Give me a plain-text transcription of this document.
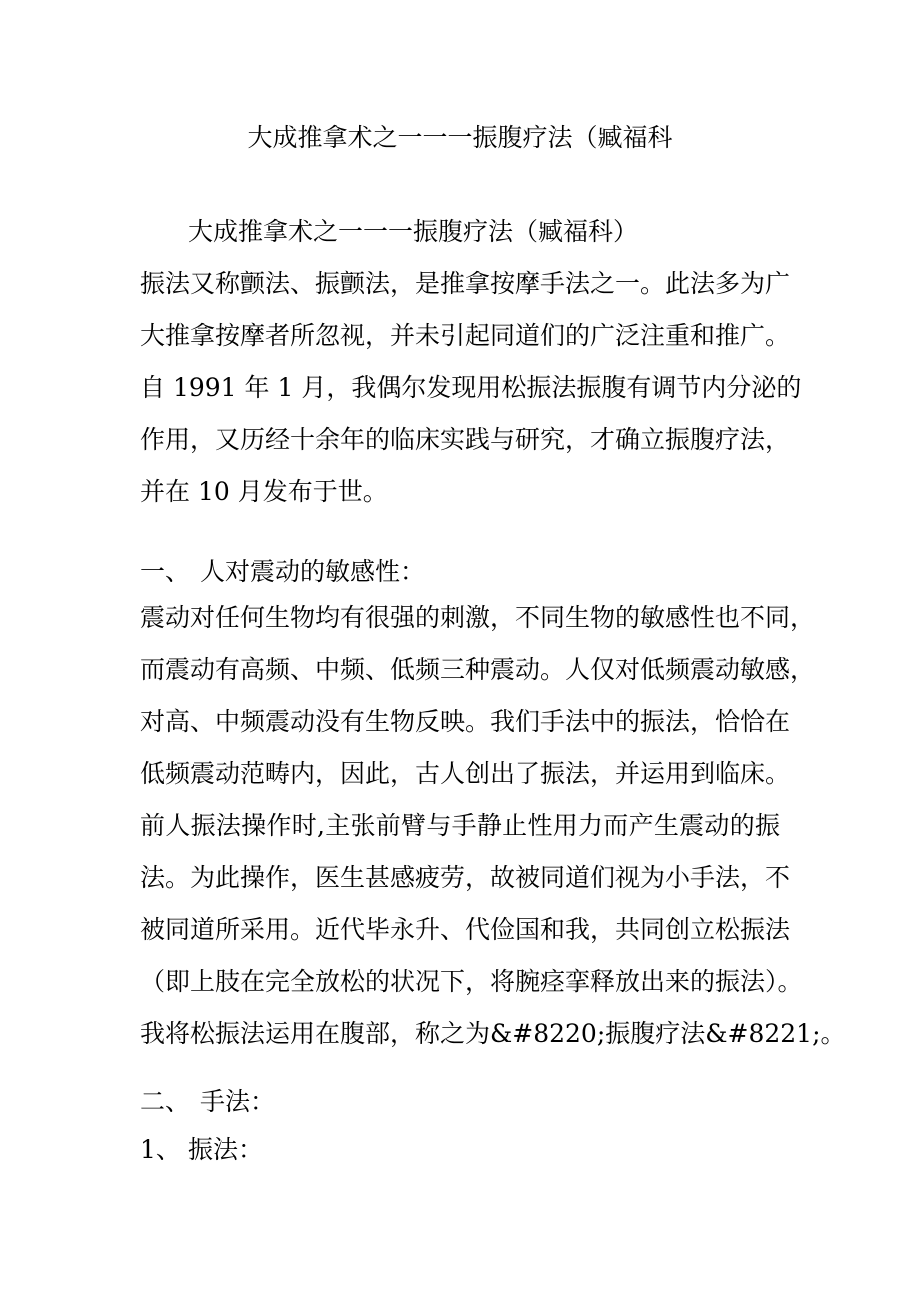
大成推拿术之一一一振腹疗法（臧福科
大成推拿术之一一一振腹疗法（臧福科）
振法又称颤法、振颤法，是推拿按摩手法之一。此法多为广
大推拿按摩者所忽视，并未引起同道们的广泛注重和推广。
自 1991 年 1 月，我偶尔发现用松振法振腹有调节内分泌的
作用，又历经十余年的临床实践与研究，才确立振腹疗法，
并在 10 月发布于世。
一、 人对震动的敏感性：
震动对任何生物均有很强的刺激，不同生物的敏感性也不同，
而震动有高频、中频、低频三种震动。人仅对低频震动敏感，
对高、中频震动没有生物反映。我们手法中的振法，恰恰在
低频震动范畴内，因此，古人创出了振法，并运用到临床。
前人振法操作时,主张前臂与手静止性用力而产生震动的振
法。为此操作，医生甚感疲劳，故被同道们视为小手法，不
被同道所采用。近代毕永升、代俭国和我，共同创立松振法
（即上肢在完全放松的状况下，将腕痉挛释放出来的振法）。
我将松振法运用在腹部，称之为&#8220;振腹疗法&#8221;。
二、 手法：
1、 振法：
